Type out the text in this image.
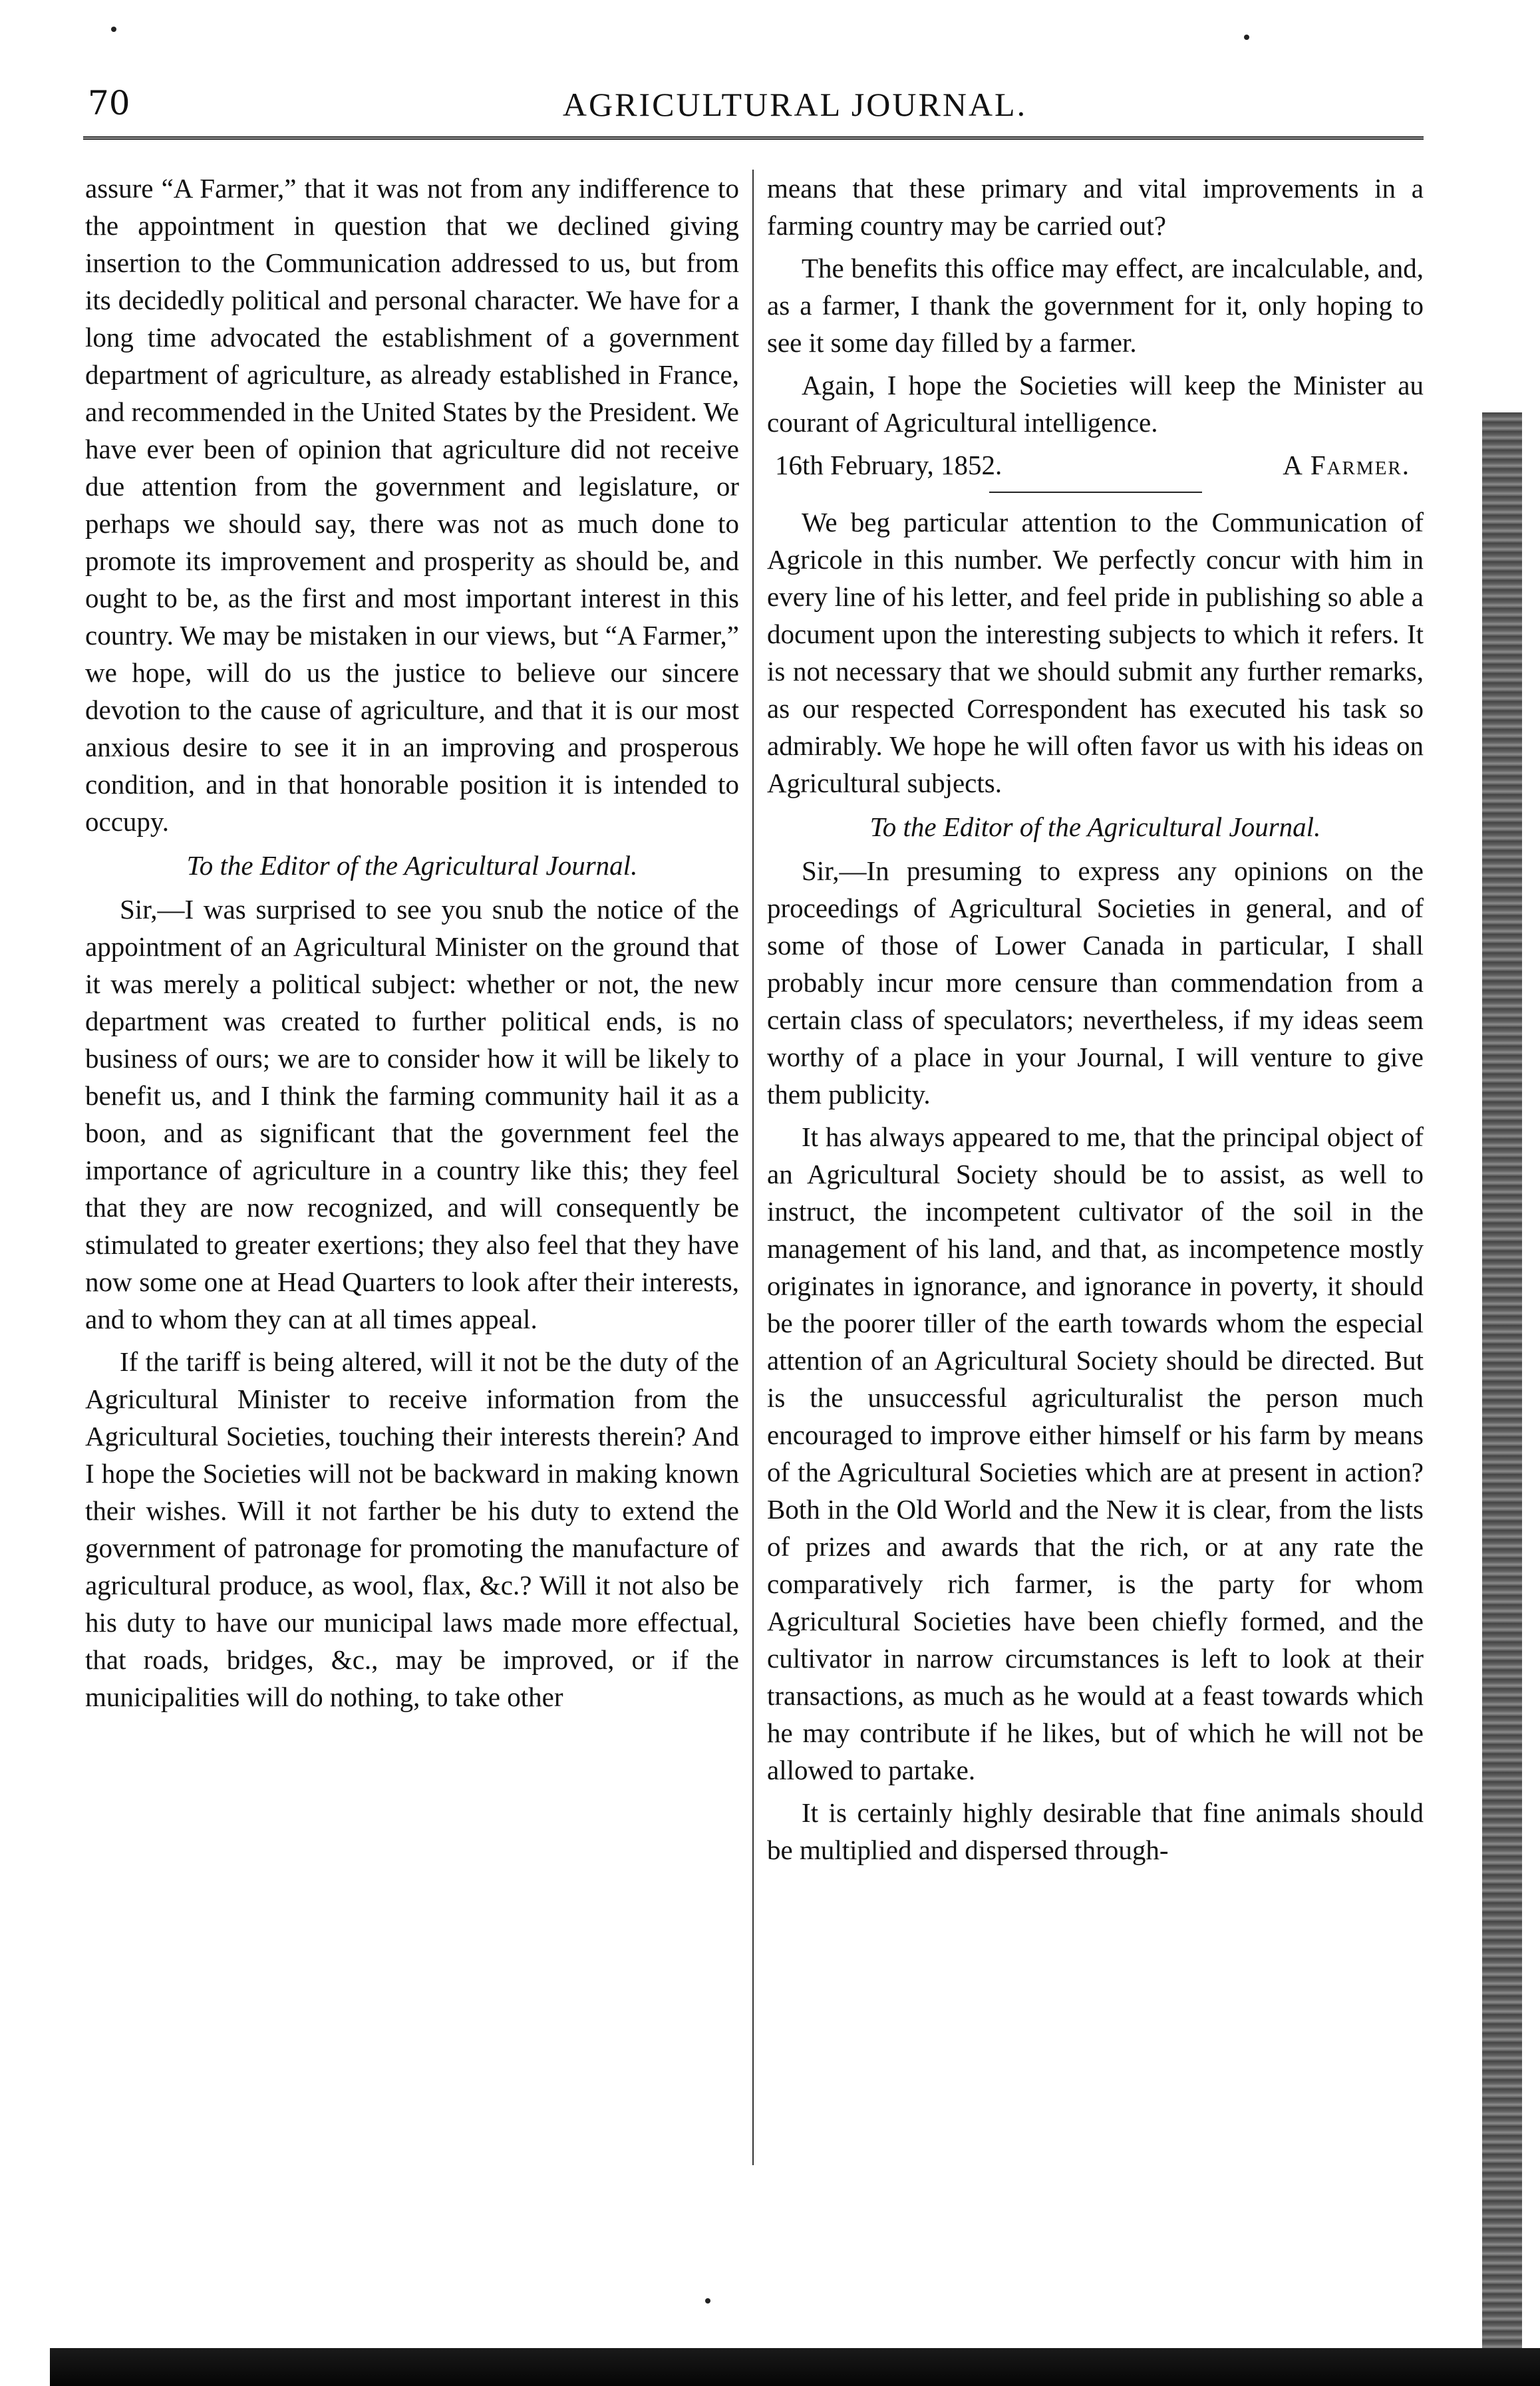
70	AGRICULTURAL JOURNAL.

assure “A Farmer,” that it was not from any indifference to the appointment in question that we declined giving insertion to the Communication addressed to us, but from its decidedly political and personal character. We have for a long time advocated the establishment of a government department of agriculture, as already established in France, and recommended in the United States by the President. We have ever been of opinion that agriculture did not receive due attention from the government and legislature, or perhaps we should say, there was not as much done to promote its improvement and prosperity as should be, and ought to be, as the first and most important interest in this country. We may be mistaken in our views, but “A Farmer,” we hope, will do us the justice to believe our sincere devotion to the cause of agriculture, and that it is our most anxious desire to see it in an improving and prosperous condition, and in that honorable position it is intended to occupy.

To the Editor of the Agricultural Journal.

Sir,—I was surprised to see you snub the notice of the appointment of an Agricultural Minister on the ground that it was merely a political subject: whether or not, the new department was created to further political ends, is no business of ours; we are to consider how it will be likely to benefit us, and I think the farming community hail it as a boon, and as significant that the government feel the importance of agriculture in a country like this; they feel that they are now recognized, and will consequently be stimulated to greater exertions; they also feel that they have now some one at Head Quarters to look after their interests, and to whom they can at all times appeal.

If the tariff is being altered, will it not be the duty of the Agricultural Minister to receive information from the Agricultural Societies, touching their interests therein? And I hope the Societies will not be backward in making known their wishes. Will it not farther be his duty to extend the government of patronage for promoting the manufacture of agricultural produce, as wool, flax, &c.? Will it not also be his duty to have our municipal laws made more effectual, that roads, bridges, &c., may be improved, or if the municipalities will do nothing, to take other

means that these primary and vital improvements in a farming country may be carried out?

The benefits this office may effect, are incalculable, and, as a farmer, I thank the government for it, only hoping to see it some day filled by a farmer.

Again, I hope the Societies will keep the Minister au courant of Agricultural intelligence.

16th February, 1852.	A Farmer.

We beg particular attention to the Communication of Agricole in this number. We perfectly concur with him in every line of his letter, and feel pride in publishing so able a document upon the interesting subjects to which it refers. It is not necessary that we should submit any further remarks, as our respected Correspondent has executed his task so admirably. We hope he will often favor us with his ideas on Agricultural subjects.

To the Editor of the Agricultural Journal.

Sir,—In presuming to express any opinions on the proceedings of Agricultural Societies in general, and of some of those of Lower Canada in particular, I shall probably incur more censure than commendation from a certain class of speculators; nevertheless, if my ideas seem worthy of a place in your Journal, I will venture to give them publicity.

It has always appeared to me, that the principal object of an Agricultural Society should be to assist, as well to instruct, the incompetent cultivator of the soil in the management of his land, and that, as incompetence mostly originates in ignorance, and ignorance in poverty, it should be the poorer tiller of the earth towards whom the especial attention of an Agricultural Society should be directed. But is the unsuccessful agriculturalist the person much encouraged to improve either himself or his farm by means of the Agricultural Societies which are at present in action? Both in the Old World and the New it is clear, from the lists of prizes and awards that the rich, or at any rate the comparatively rich farmer, is the party for whom Agricultural Societies have been chiefly formed, and the cultivator in narrow circumstances is left to look at their transactions, as much as he would at a feast towards which he may contribute if he likes, but of which he will not be allowed to partake.

It is certainly highly desirable that fine animals should be multiplied and dispersed through-
